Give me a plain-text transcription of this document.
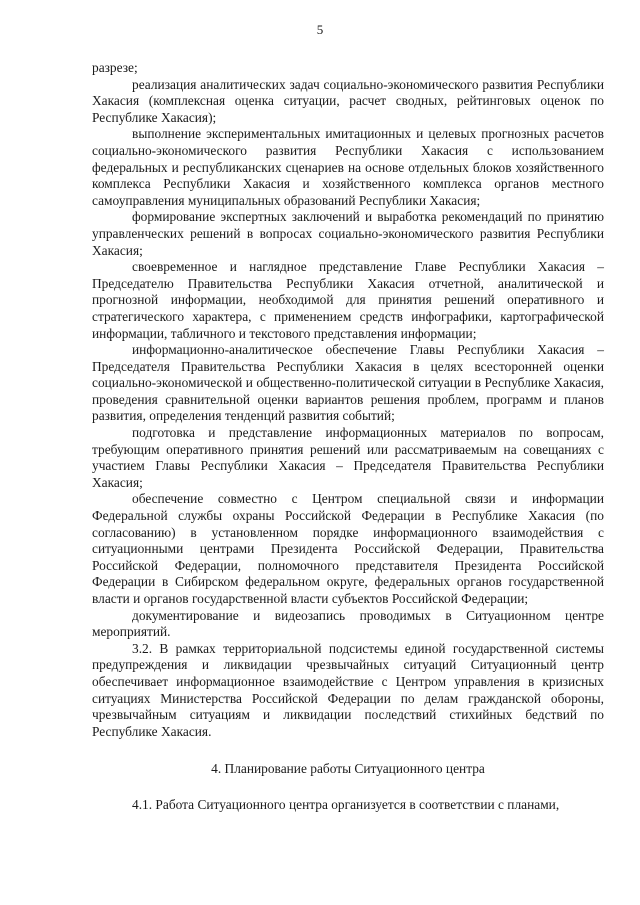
5

разрезе;

реализация аналитических задач социально-экономического развития Республики Хакасия (комплексная оценка ситуации, расчет сводных, рейтинговых оценок по Республике Хакасия);

выполнение экспериментальных имитационных и целевых прогнозных расчетов социально-экономического развития Республики Хакасия с использованием федеральных и республиканских сценариев на основе отдельных блоков хозяйственного комплекса Республики Хакасия и хозяйственного комплекса органов местного самоуправления муниципальных образований Республики Хакасия;

формирование экспертных заключений и выработка рекомендаций по принятию управленческих решений в вопросах социально-экономического развития Республики Хакасия;

своевременное и наглядное представление Главе Республики Хакасия – Председателю Правительства Республики Хакасия отчетной, аналитической и прогнозной информации, необходимой для принятия решений оперативного и стратегического характера, с применением средств инфографики, картографической информации, табличного и текстового представления информации;

информационно-аналитическое обеспечение Главы Республики Хакасия – Председателя Правительства Республики Хакасия в целях всесторонней оценки социально-экономической и общественно-политической ситуации в Республике Хакасия, проведения сравнительной оценки вариантов решения проблем, программ и планов развития, определения тенденций развития событий;

подготовка и представление информационных материалов по вопросам, требующим оперативного принятия решений или рассматриваемым на совещаниях с участием Главы Республики Хакасия – Председателя Правительства Республики Хакасия;

обеспечение совместно с Центром специальной связи и информации Федеральной службы охраны Российской Федерации в Республике Хакасия (по согласованию) в установленном порядке информационного взаимодействия с ситуационными центрами Президента Российской Федерации, Правительства Российской Федерации, полномочного представителя Президента Российской Федерации в Сибирском федеральном округе, федеральных органов государственной власти и органов государственной власти субъектов Российской Федерации;

документирование и видеозапись проводимых в Ситуационном центре мероприятий.

3.2. В рамках территориальной подсистемы единой государственной системы предупреждения и ликвидации чрезвычайных ситуаций Ситуационный центр обеспечивает информационное взаимодействие с Центром управления в кризисных ситуациях Министерства Российской Федерации по делам гражданской обороны, чрезвычайным ситуациям и ликвидации последствий стихийных бедствий по Республике Хакасия.

4. Планирование работы Ситуационного центра

4.1. Работа Ситуационного центра организуется в соответствии с планами,
